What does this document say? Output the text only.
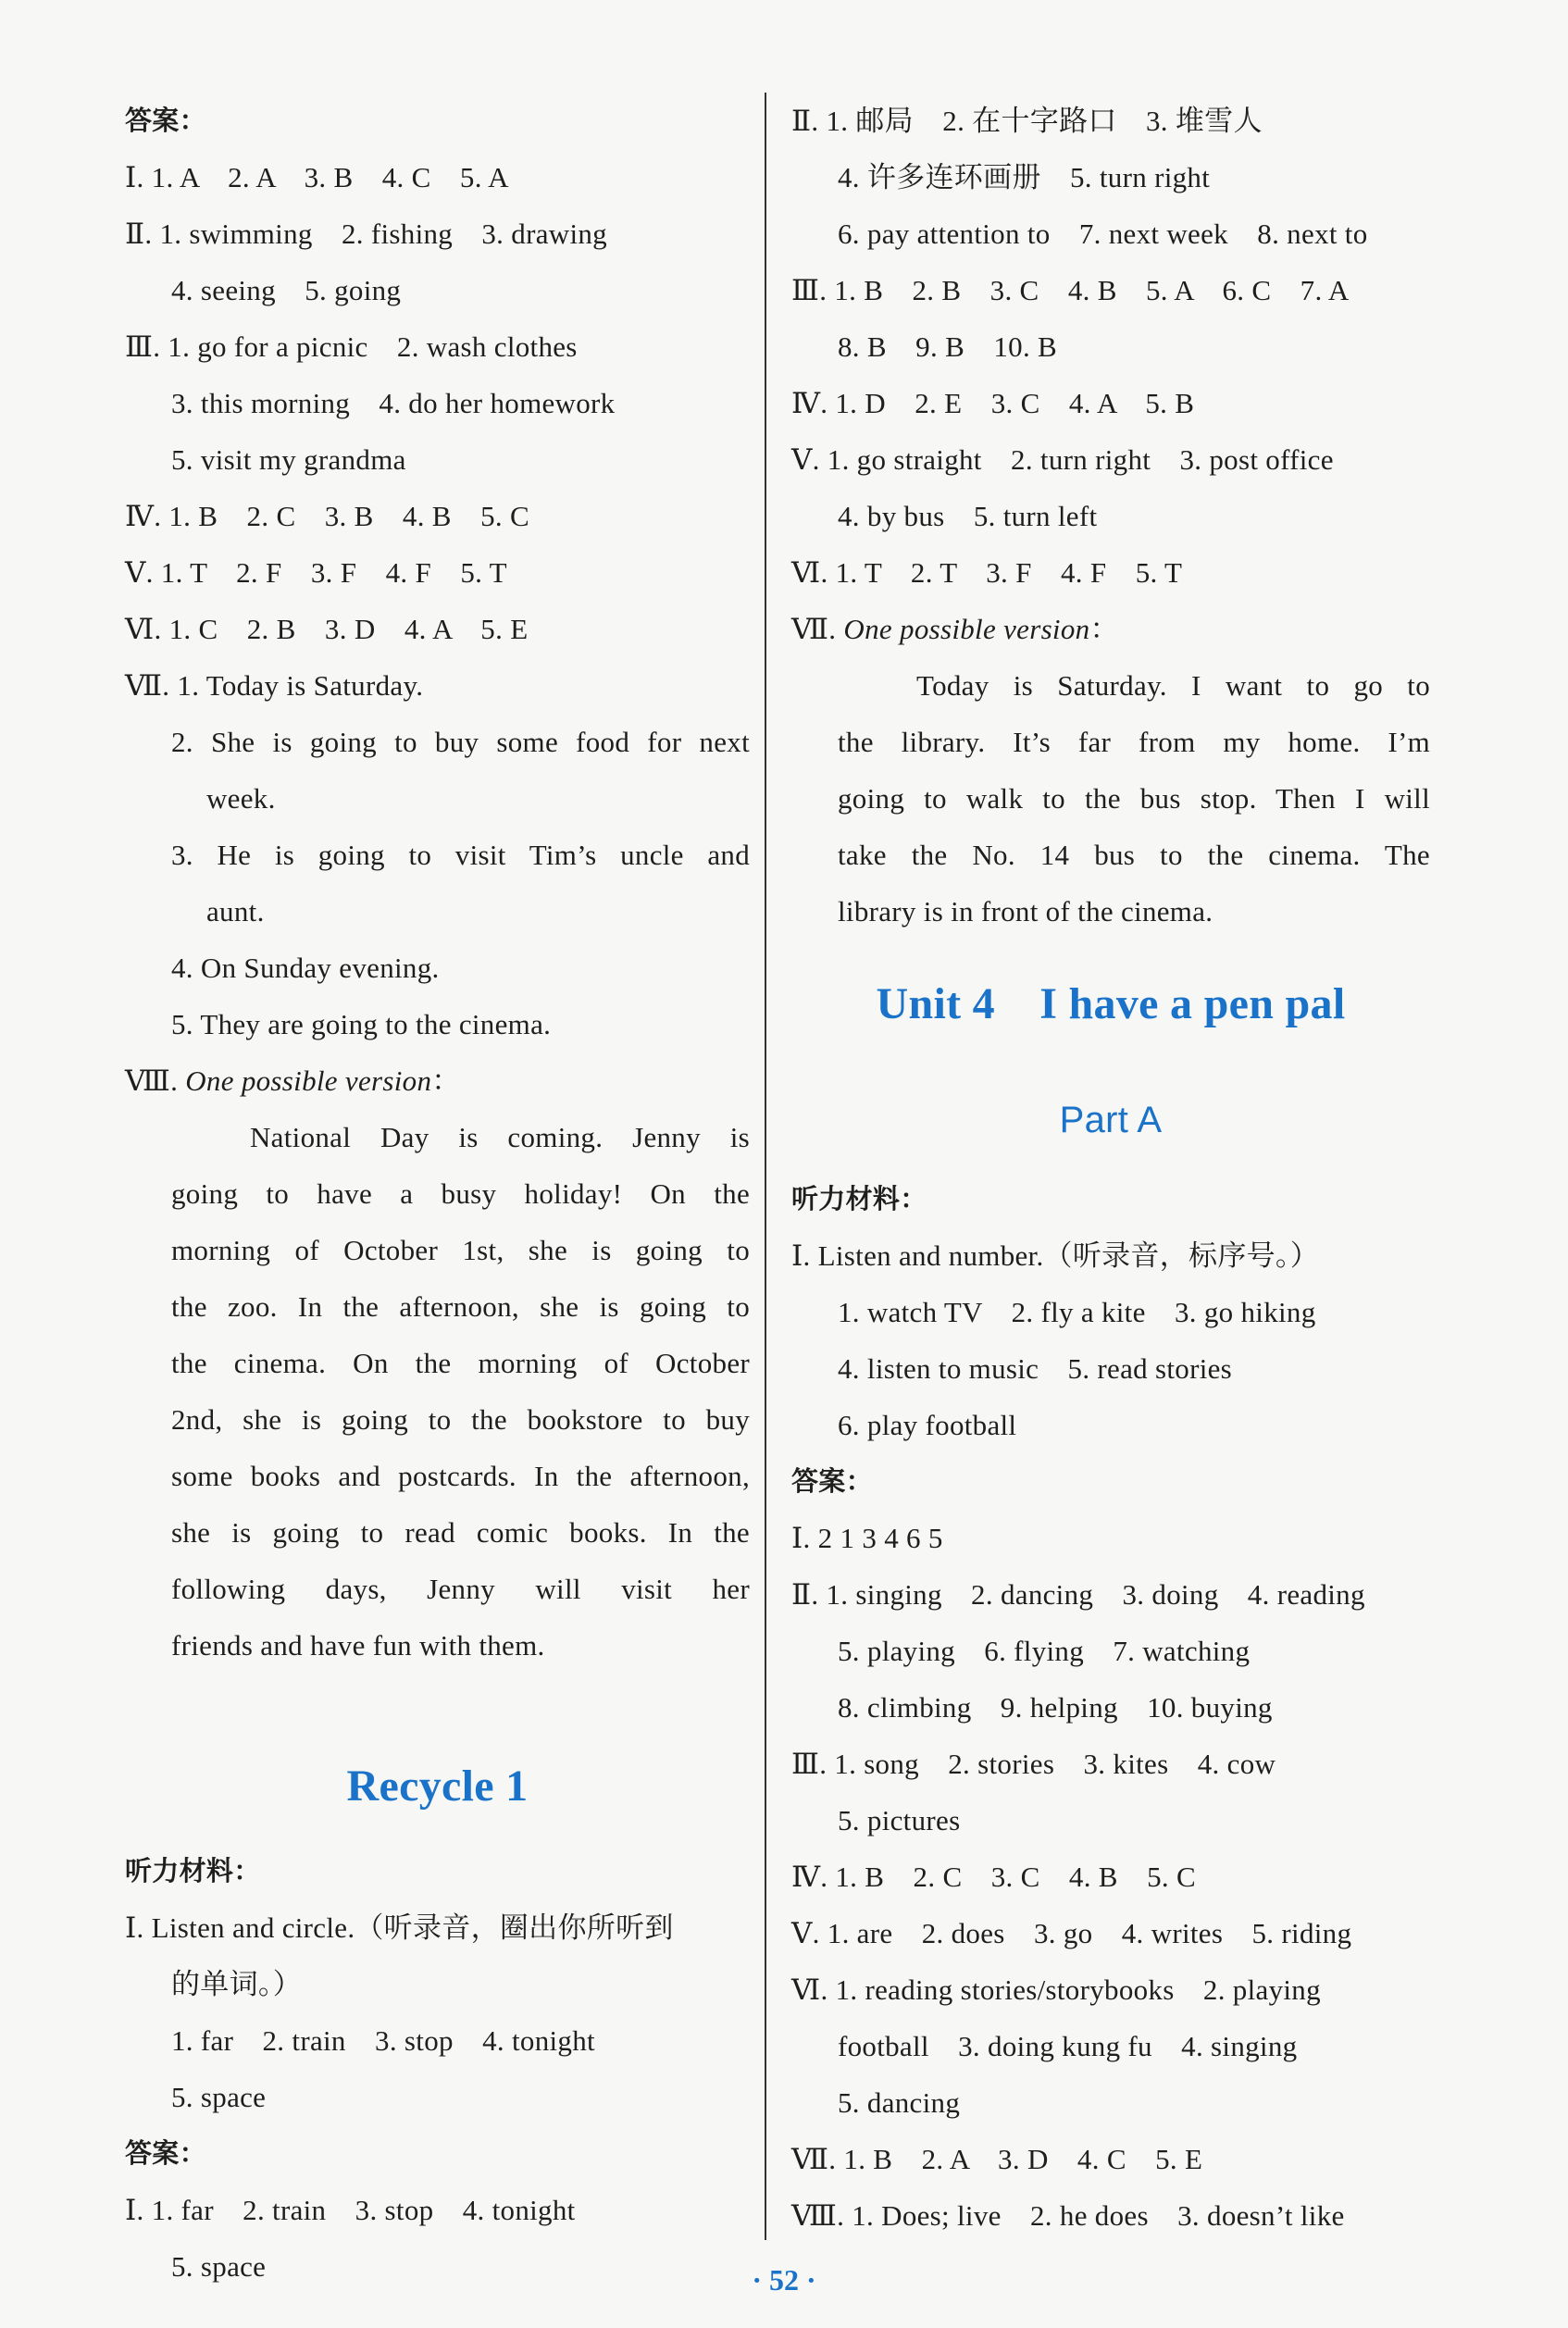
答案：
Ⅰ. 1. A　2. A　3. B　4. C　5. A
Ⅱ. 1. swimming　2. fishing　3. drawing
4. seeing　5. going
Ⅲ. 1. go for a picnic　2. wash clothes
3. this morning　4. do her homework
5. visit my grandma
Ⅳ. 1. B　2. C　3. B　4. B　5. C
Ⅴ. 1. T　2. F　3. F　4. F　5. T
Ⅵ. 1. C　2. B　3. D　4. A　5. E
Ⅶ. 1. Today is Saturday.
2. She is going to buy some food for next
week.
3. He is going to visit Tim’s uncle and
aunt.
4. On Sunday evening.
5. They are going to the cinema.
Ⅷ. One possible version：
National Day is coming. Jenny is
going to have a busy holiday! On the
morning of October 1st, she is going to
the zoo. In the afternoon, she is going to
the cinema. On the morning of October
2nd, she is going to the bookstore to buy
some books and postcards. In the afternoon,
she is going to read comic books. In the
following days, Jenny will visit her
friends and have fun with them.
Recycle 1
听力材料：
Ⅰ. Listen and circle.（听录音，圈出你所听到
的单词。）
1. far　2. train　3. stop　4. tonight
5. space
答案：
Ⅰ. 1. far　2. train　3. stop　4. tonight
5. space
Ⅱ. 1. 邮局　2. 在十字路口　3. 堆雪人
4. 许多连环画册　5. turn right
6. pay attention to　7. next week　8. next to
Ⅲ. 1. B　2. B　3. C　4. B　5. A　6. C　7. A
8. B　9. B　10. B
Ⅳ. 1. D　2. E　3. C　4. A　5. B
Ⅴ. 1. go straight　2. turn right　3. post office
4. by bus　5. turn left
Ⅵ. 1. T　2. T　3. F　4. F　5. T
Ⅶ. One possible version：
Today is Saturday. I want to go to
the library. It’s far from my home. I’m
going to walk to the bus stop. Then I will
take the No. 14 bus to the cinema. The
library is in front of the cinema.
Unit 4　I have a pen pal
Part A
听力材料：
Ⅰ. Listen and number.（听录音，标序号。）
1. watch TV　2. fly a kite　3. go hiking
4. listen to music　5. read stories
6. play football
答案：
Ⅰ. 2 1 3 4 6 5
Ⅱ. 1. singing　2. dancing　3. doing　4. reading
5. playing　6. flying　7. watching
8. climbing　9. helping　10. buying
Ⅲ. 1. song　2. stories　3. kites　4. cow
5. pictures
Ⅳ. 1. B　2. C　3. C　4. B　5. C
Ⅴ. 1. are　2. does　3. go　4. writes　5. riding
Ⅵ. 1. reading stories/storybooks　2. playing
football　3. doing kung fu　4. singing
5. dancing
Ⅶ. 1. B　2. A　3. D　4. C　5. E
Ⅷ. 1. Does; live　2. he does　3. doesn’t like
· 52 ·
